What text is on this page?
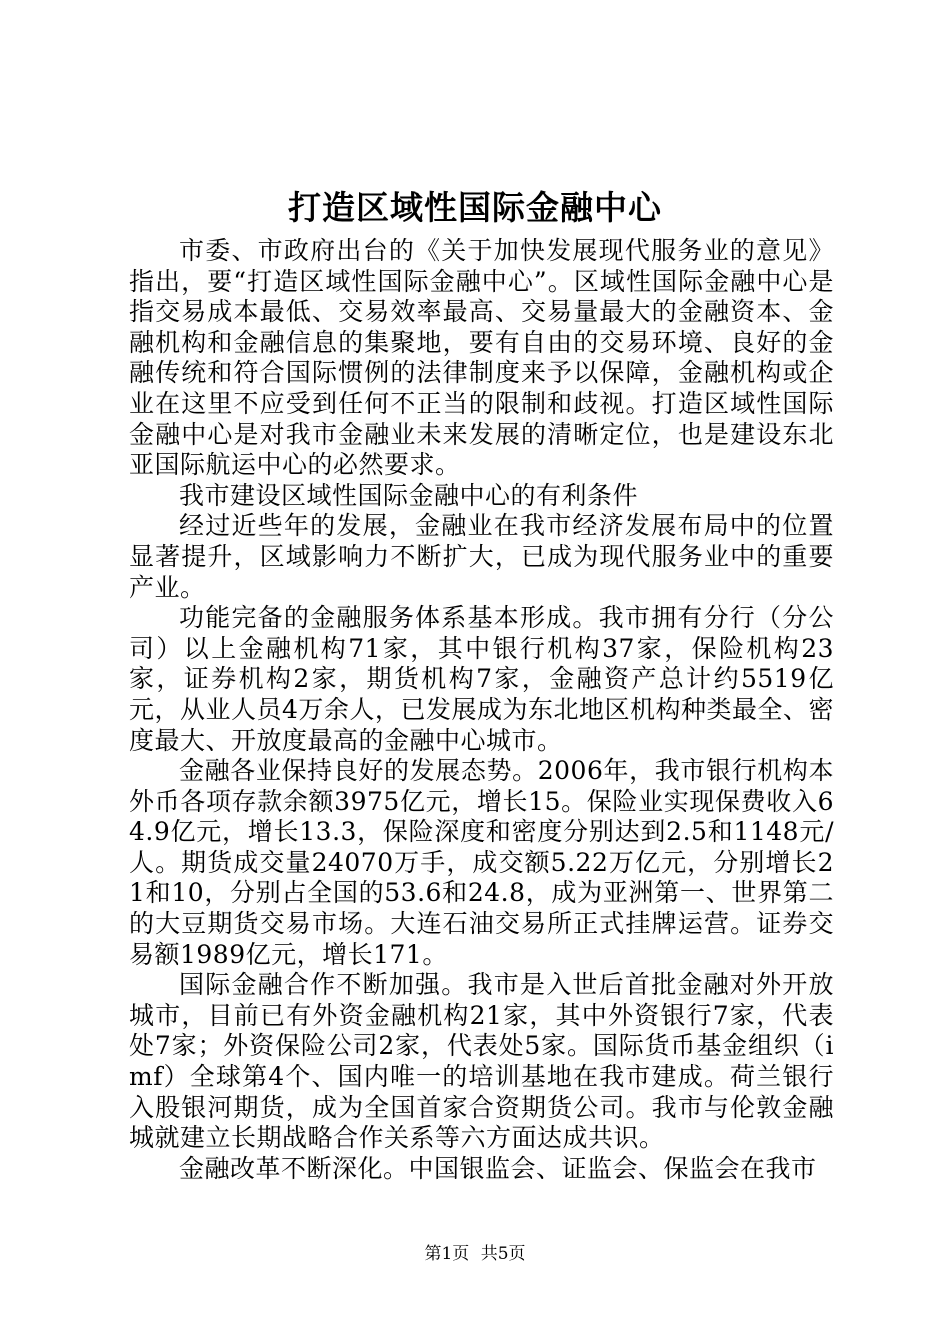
打造区域性国际金融中心

市委、市政府出台的《关于加快发展现代服务业的意见》指出，要“打造区域性国际金融中心”。区域性国际金融中心是指交易成本最低、交易效率最高、交易量最大的金融资本、金融机构和金融信息的集聚地，要有自由的交易环境、良好的金融传统和符合国际惯例的法律制度来予以保障，金融机构或企业在这里不应受到任何不正当的限制和歧视。打造区域性国际金融中心是对我市金融业未来发展的清晰定位，也是建设东北亚国际航运中心的必然要求。

我市建设区域性国际金融中心的有利条件

经过近些年的发展，金融业在我市经济发展布局中的位置显著提升，区域影响力不断扩大，已成为现代服务业中的重要产业。

功能完备的金融服务体系基本形成。我市拥有分行（分公司）以上金融机构71家，其中银行机构37家，保险机构23家，证券机构2家，期货机构7家，金融资产总计约5519亿元，从业人员4万余人，已发展成为东北地区机构种类最全、密度最大、开放度最高的金融中心城市。

金融各业保持良好的发展态势。2006年，我市银行机构本外币各项存款余额3975亿元，增长15。保险业实现保费收入64.9亿元，增长13.3，保险深度和密度分别达到2.5和1148元/人。期货成交量24070万手，成交额5.22万亿元，分别增长21和10，分别占全国的53.6和24.8，成为亚洲第一、世界第二的大豆期货交易市场。大连石油交易所正式挂牌运营。证券交易额1989亿元，增长171。

国际金融合作不断加强。我市是入世后首批金融对外开放城市，目前已有外资金融机构21家，其中外资银行7家，代表处7家；外资保险公司2家，代表处5家。国际货币基金组织（imf）全球第4个、国内唯一的培训基地在我市建成。荷兰银行入股银河期货，成为全国首家合资期货公司。我市与伦敦金融城就建立长期战略合作关系等六方面达成共识。

金融改革不断深化。中国银监会、证监会、保监会在我市

第1页 共5页
